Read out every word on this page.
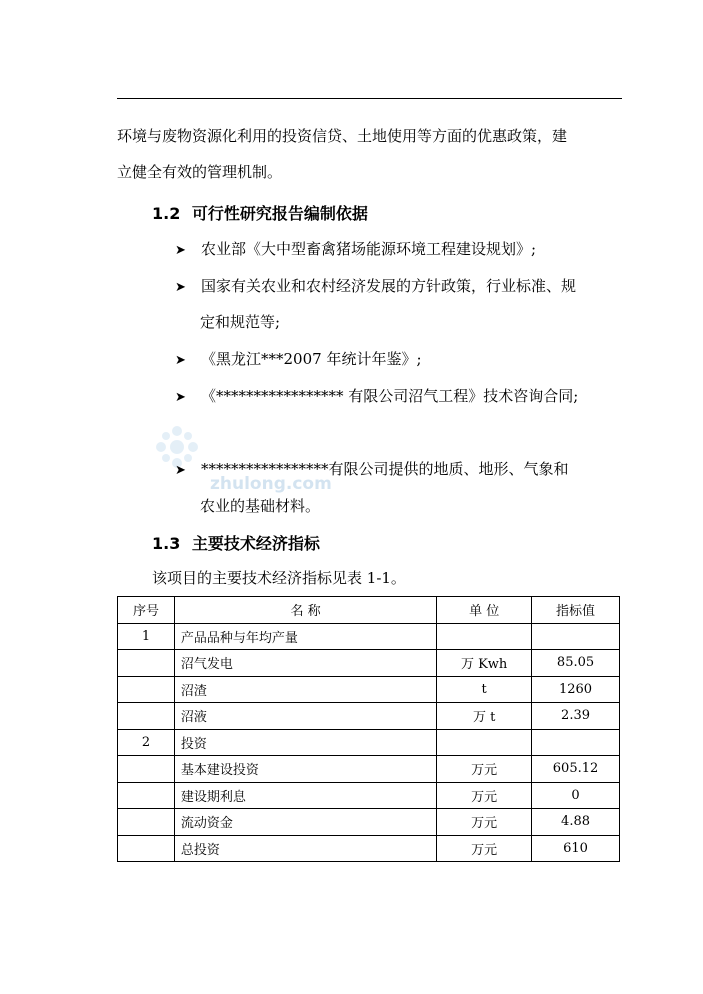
环境与废物资源化利用的投资信贷、土地使用等方面的优惠政策，建
立健全有效的管理机制。
1.2 可行性研究报告编制依据
➤ 农业部《大中型畜禽猪场能源环境工程建设规划》;
➤ 国家有关农业和农村经济发展的方针政策，行业标准、规
定和规范等;
➤ 《黑龙江***2007 年统计年鉴》;
➤ 《***************** 有限公司沼气工程》技术咨询合同;
zhulong.com
➤ *****************有限公司提供的地质、地形、气象和
农业的基础材料。
1.3 主要技术经济指标
该项目的主要技术经济指标见表 1-1。
序号	名 称	单 位	指标值
1	产品品种与年均产量		
	沼气发电	万 Kwh	85.05
	沼渣	t	1260
	沼液	万 t	2.39
2	投资		
	基本建设投资	万元	605.12
	建设期利息	万元	0
	流动资金	万元	4.88
	总投资	万元	610
